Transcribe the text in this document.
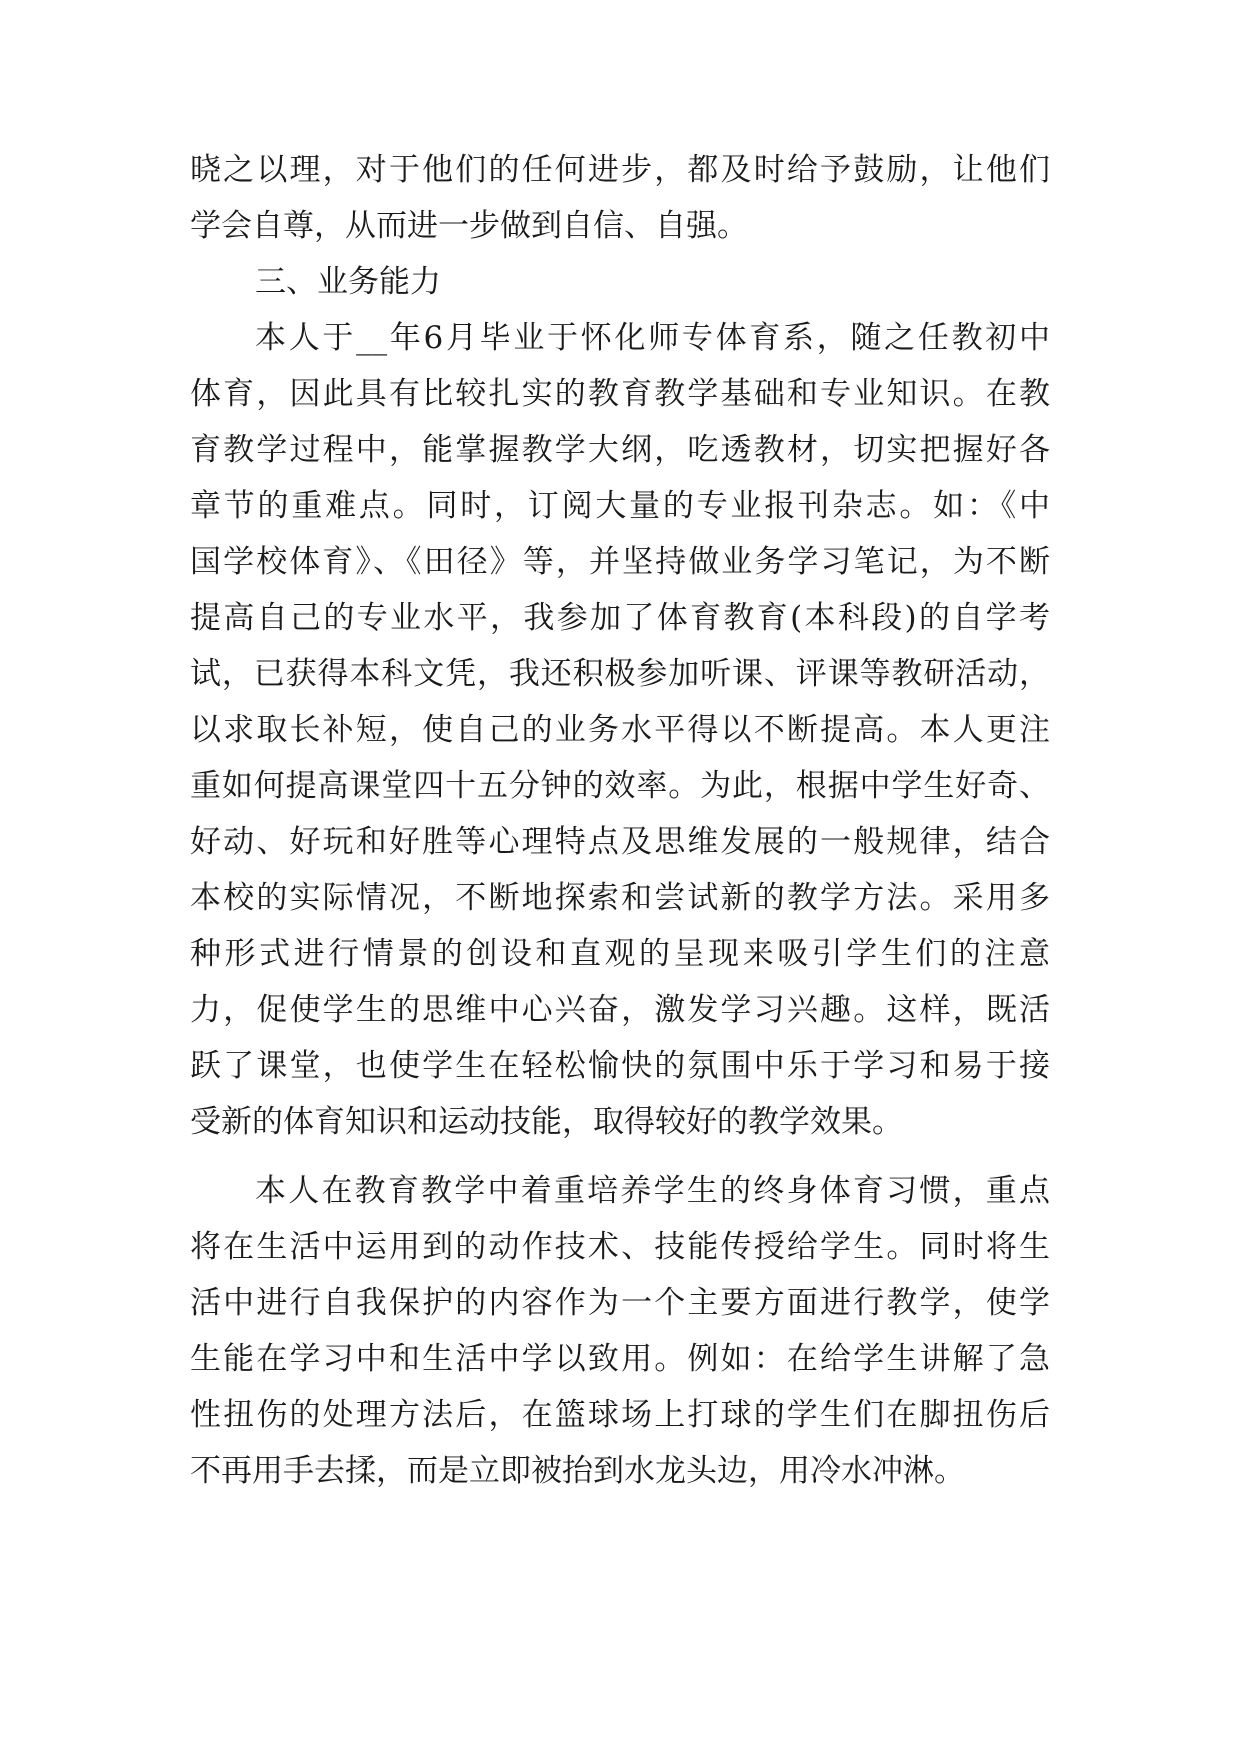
晓之以理，对于他们的任何进步，都及时给予鼓励，让他们
学会自尊，从而进一步做到自信、自强。
三、业务能力
本人于__年6月毕业于怀化师专体育系，随之任教初中
体育，因此具有比较扎实的教育教学基础和专业知识。在教
育教学过程中，能掌握教学大纲，吃透教材，切实把握好各
章节的重难点。同时，订阅大量的专业报刊杂志。如：《中
国学校体育》、《田径》等，并坚持做业务学习笔记，为不断
提高自己的专业水平，我参加了体育教育(本科段)的自学考
试，已获得本科文凭，我还积极参加听课、评课等教研活动，
以求取长补短，使自己的业务水平得以不断提高。本人更注
重如何提高课堂四十五分钟的效率。为此，根据中学生好奇、
好动、好玩和好胜等心理特点及思维发展的一般规律，结合
本校的实际情况，不断地探索和尝试新的教学方法。采用多
种形式进行情景的创设和直观的呈现来吸引学生们的注意
力，促使学生的思维中心兴奋，激发学习兴趣。这样，既活
跃了课堂，也使学生在轻松愉快的氛围中乐于学习和易于接
受新的体育知识和运动技能，取得较好的教学效果。
本人在教育教学中着重培养学生的终身体育习惯，重点
将在生活中运用到的动作技术、技能传授给学生。同时将生
活中进行自我保护的内容作为一个主要方面进行教学，使学
生能在学习中和生活中学以致用。例如：在给学生讲解了急
性扭伤的处理方法后，在篮球场上打球的学生们在脚扭伤后
不再用手去揉，而是立即被抬到水龙头边，用冷水冲淋。
